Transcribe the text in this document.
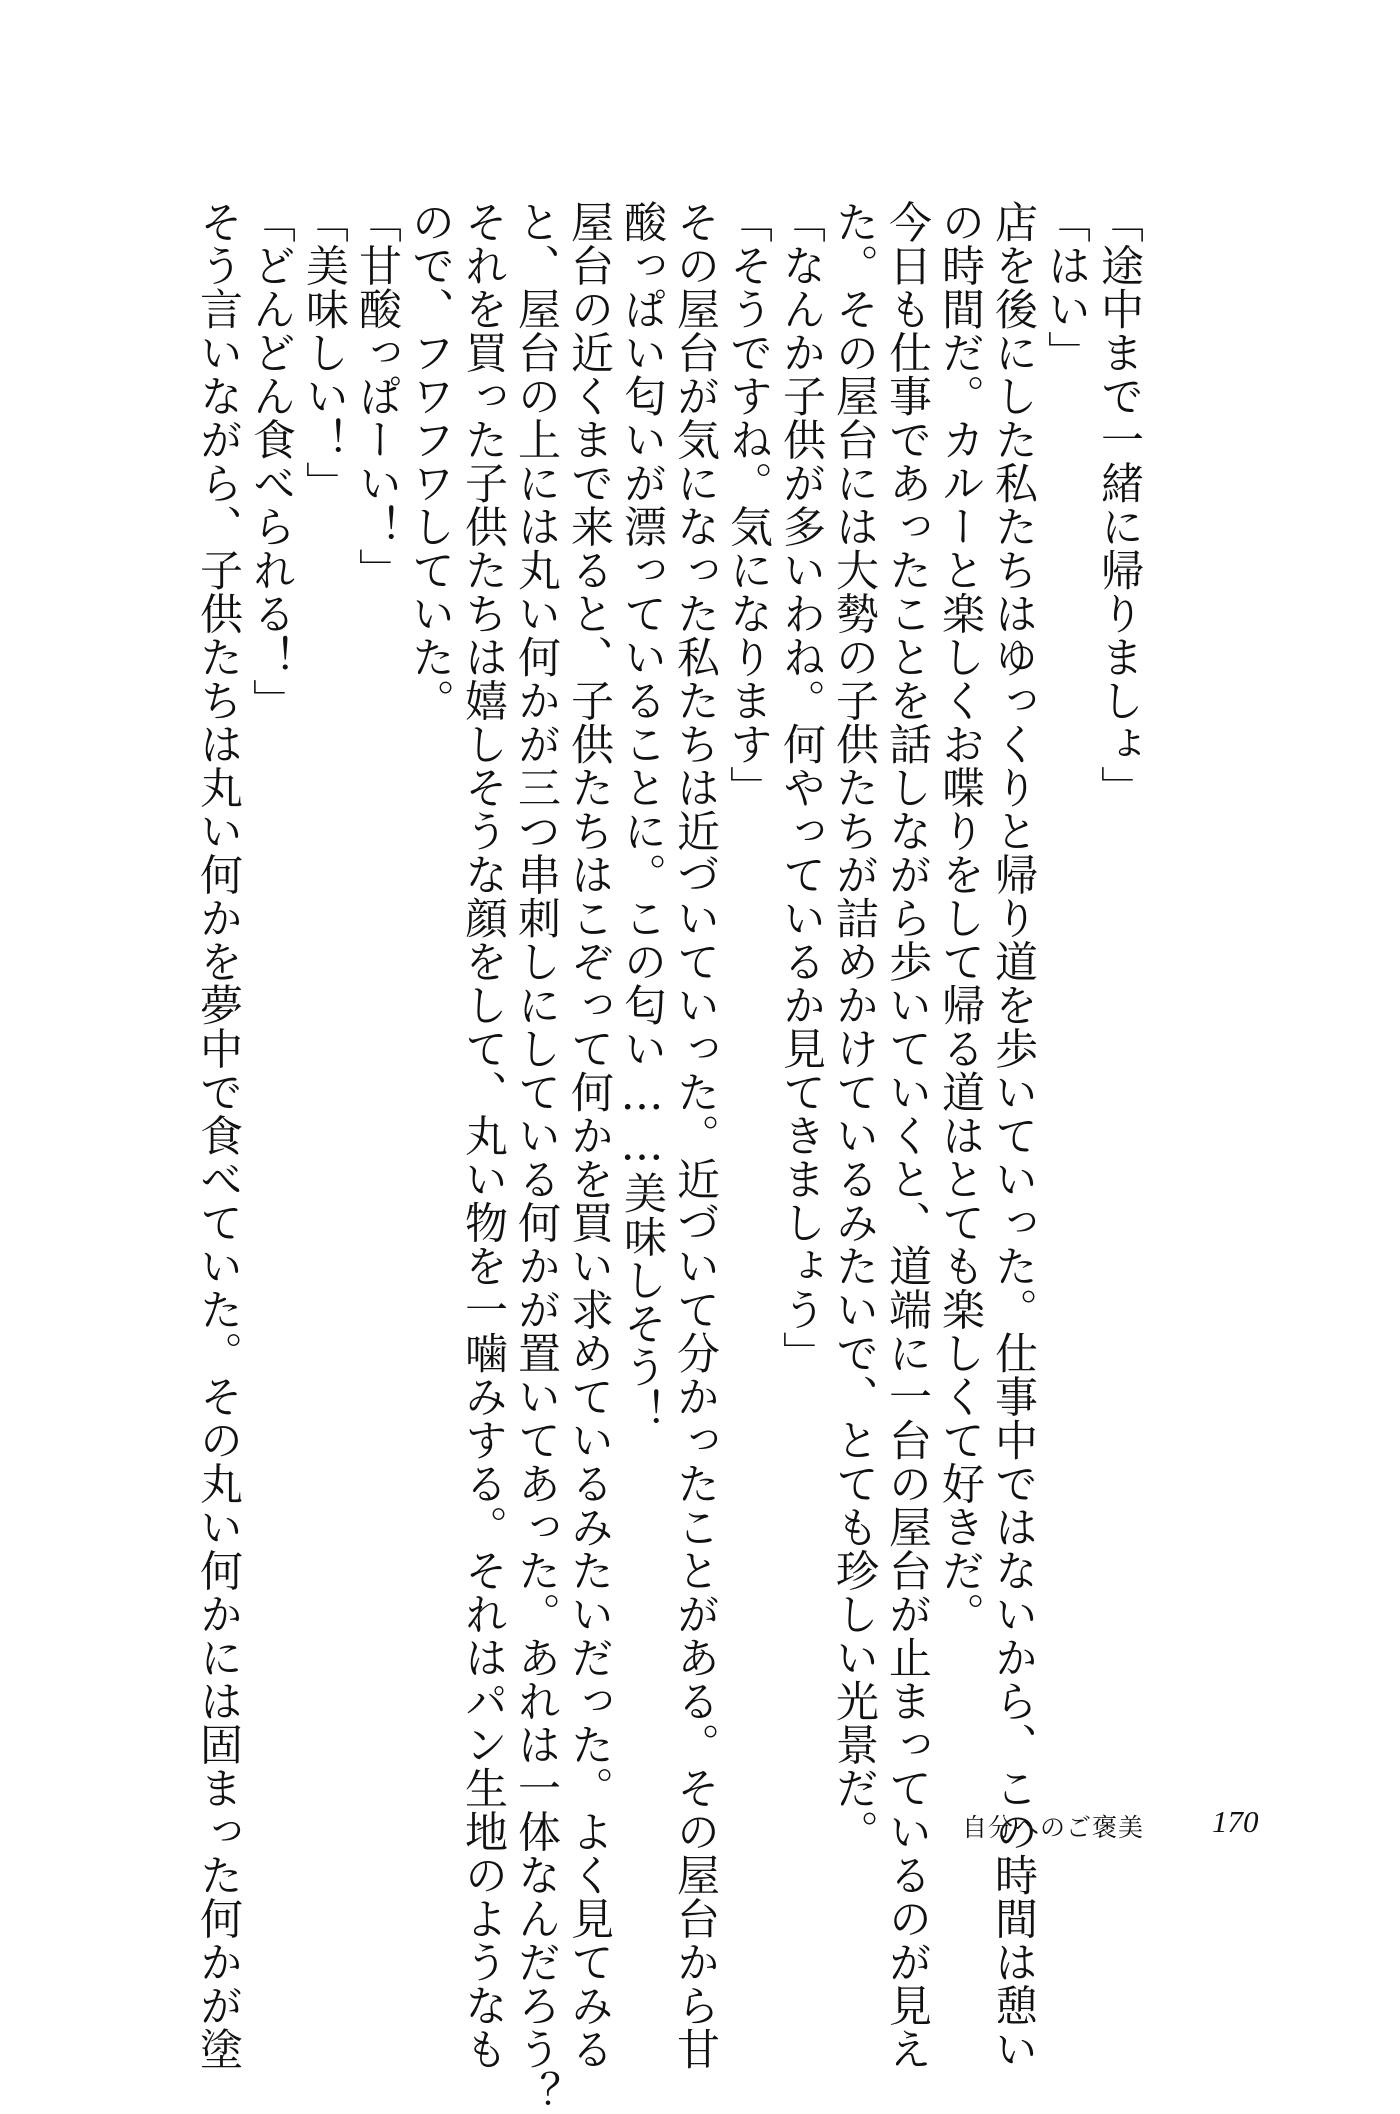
「途中まで一緒に帰りましょ」

「はい」

店を後にした私たちはゆっくりと帰り道を歩いていった。仕事中ではないから、この時間は憩い

の時間だ。カルーと楽しくお喋りをして帰る道はとても楽しくて好きだ。

今日も仕事であったことを話しながら歩いていくと、道端に一台の屋台が止まっているのが見え

た。その屋台には大勢の子供たちが詰めかけているみたいで、とても珍しい光景だ。

「なんか子供が多いわね。何やっているか見てきましょう」

「そうですね。気になります」

その屋台が気になった私たちは近づいていった。近づいて分かったことがある。その屋台から甘

酸っぱい匂いが漂っていることに。この匂い……美味しそう！

屋台の近くまで来ると、子供たちはこぞって何かを買い求めているみたいだった。よく見てみる

と、屋台の上には丸い何かが三つ串刺しにしている何かが置いてあった。あれは一体なんだろう？

それを買った子供たちは嬉しそうな顔をして、丸い物を一噛みする。それはパン生地のようなも

ので、フワフワしていた。

「甘酸っぱーい！」

「美味しい！」

「どんどん食べられる！」

そう言いながら、子供たちは丸い何かを夢中で食べていた。その丸い何かには固まった何かが塗	自分へのご褒美 170
